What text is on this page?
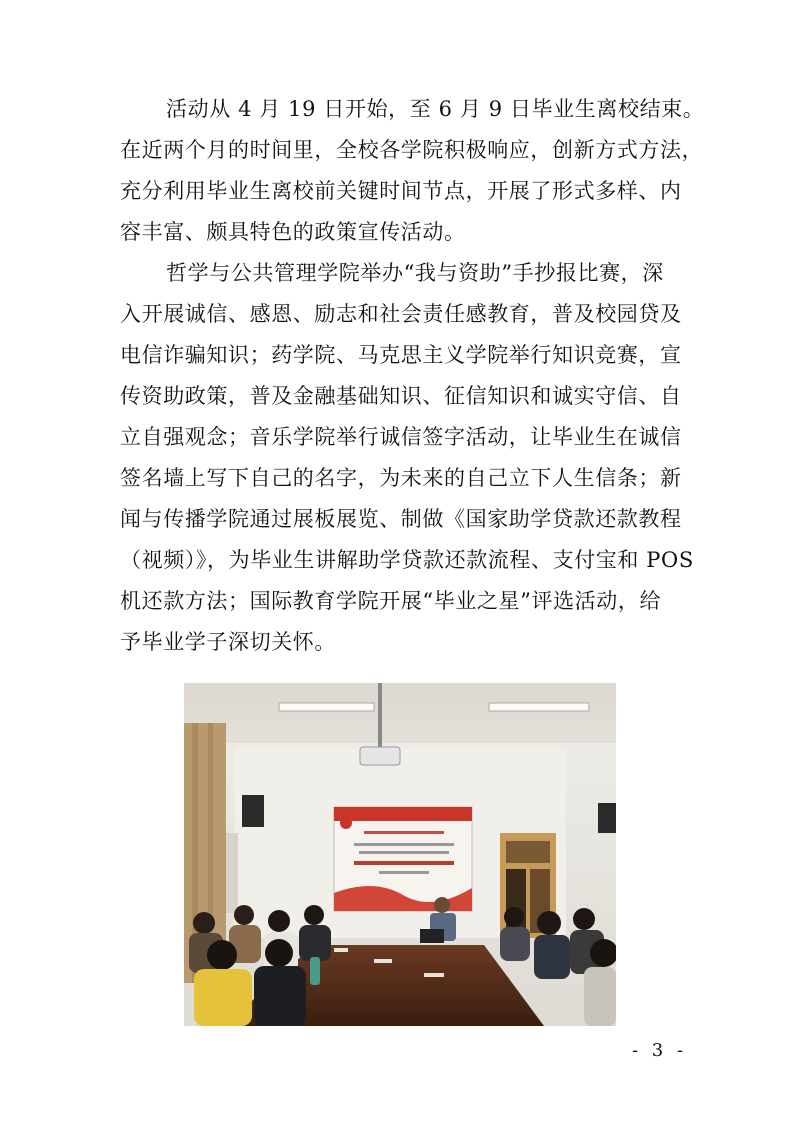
活动从 4 月 19 日开始，至 6 月 9 日毕业生离校结束。
在近两个月的时间里，全校各学院积极响应，创新方式方法，
充分利用毕业生离校前关键时间节点，开展了形式多样、内
容丰富、颇具特色的政策宣传活动。
哲学与公共管理学院举办“我与资助”手抄报比赛，深
入开展诚信、感恩、励志和社会责任感教育，普及校园贷及
电信诈骗知识；药学院、马克思主义学院举行知识竞赛，宣
传资助政策，普及金融基础知识、征信知识和诚实守信、自
立自强观念；音乐学院举行诚信签字活动，让毕业生在诚信
签名墙上写下自己的名字，为未来的自己立下人生信条；新
闻与传播学院通过展板展览、制做《国家助学贷款还款教程
（视频）》，为毕业生讲解助学贷款还款流程、支付宝和 POS
机还款方法；国际教育学院开展“毕业之星”评选活动，给
予毕业学子深切关怀。
- 3 -
